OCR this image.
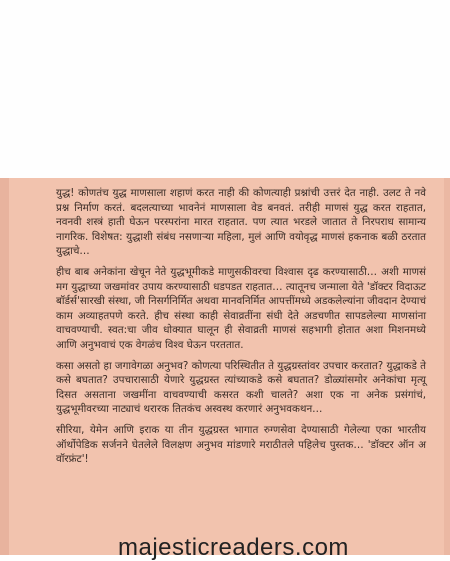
युद्ध! कोणतंच युद्ध माणसाला शहाणं करत नाही की कोणत्याही प्रश्नांची उत्तरं देत नाही. उलट ते नवे प्रश्न निर्माण करतं. बदलत्याच्या भावनेनं माणसाला वेड बनवतं. तरीही माणसं युद्ध करत राहतात, नवनवी शस्त्रं हाती घेऊन परस्परांना मारत राहतात. पण त्यात भरडले जातात ते निरपराध सामान्य नागरिक. विशेषत: युद्धाशी संबंध नसणाऱ्या महिला, मुलं आणि वयोवृद्ध माणसं हकनाक बळी ठरतात युद्धाचे…

हीच बाब अनेकांना खेचून नेते युद्धभूमीकडे माणुसकीवरचा विश्वास दृढ करण्यासाठी… अशी माणसं मग युद्धाच्या जखमांवर उपाय करण्यासाठी धडपडत राहतात… त्यातूनच जन्माला येते 'डॉक्टर विदाऊट बॉर्डर्स'सारखी संस्था, जी निसर्गनिर्मित अथवा मानवनिर्मित आपत्तींमध्ये अडकलेल्यांना जीवदान देण्याचं काम अव्याहतपणे करते. हीच संस्था काही सेवाव्रतींना संधी देते अडचणीत सापडलेल्या माणसांना वाचवण्याची. स्वत:चा जीव धोक्यात घालून ही सेवाव्रती माणसं सहभागी होतात अशा मिशनमध्ये आणि अनुभवाचं एक वेगळंच विश्व घेऊन परततात.

कसा असतो हा जगावेगळा अनुभव? कोणत्या परिस्थितीत ते युद्धग्रस्तांवर उपचार करतात? युद्धाकडे ते कसे बघतात? उपचारासाठी येणारे युद्धग्रस्त त्यांच्याकडे कसे बघतात? डोळ्यांसमोर अनेकांचा मृत्यू दिसत असताना जखमींना वाचवण्याची कसरत कशी चालते? अशा एक ना अनेक प्रसंगांचं, युद्धभूमीवरच्या नाट्याचं थरारक तितकंच अस्वस्थ करणारं अनुभवकथन…

सीरिया, येमेन आणि इराक या तीन युद्धग्रस्त भागात रुग्णसेवा देण्यासाठी गेलेल्या एका भारतीय ऑर्थोपेडिक सर्जनने घेतलेले विलक्षण अनुभव मांडणारे मराठीतले पहिलेच पुस्तक… 'डॉक्टर ऑन अ वॉरफ्रंट'!

majesticreaders.com
